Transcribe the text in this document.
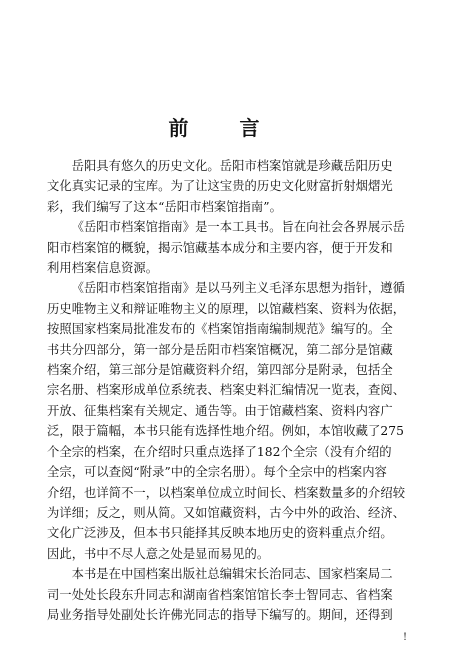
前 言

岳阳具有悠久的历史文化。岳阳市档案馆就是珍藏岳阳历史
文化真实记录的宝库。为了让这宝贵的历史文化财富折射烟熠光
彩，我们编写了这本“岳阳市档案馆指南”。

《岳阳市档案馆指南》是一本工具书。旨在向社会各界展示岳
阳市档案馆的概貌，揭示馆藏基本成分和主要内容，便于开发和
利用档案信息资源。

《岳阳市档案馆指南》是以马列主义毛泽东思想为指针，遵循
历史唯物主义和辩证唯物主义的原理，以馆藏档案、资料为依据，
按照国家档案局批准发布的《档案馆指南编制规范》编写的。全
书共分四部分，第一部分是岳阳市档案馆概况，第二部分是馆藏
档案介绍，第三部分是馆藏资料介绍，第四部分是附录，包括全
宗名册、档案形成单位系统表、档案史料汇编情况一览表，查阅、
开放、征集档案有关规定、通告等。由于馆藏档案、资料内容广
泛，限于篇幅，本书只能有选择性地介绍。例如，本馆收藏了275
个全宗的档案，在介绍时只重点选择了182个全宗（没有介绍的
全宗，可以查阅“附录”中的全宗名册）。每个全宗中的档案内容
介绍，也详简不一，以档案单位成立时间长、档案数量多的介绍较
为详细；反之，则从简。又如馆藏资料，古今中外的政治、经济、
文化广泛涉及，但本书只能择其反映本地历史的资料重点介绍。
因此，书中不尽人意之处是显而易见的。

本书是在中国档案出版社总编辑宋长治同志、国家档案局二
司一处处长段东升同志和湖南省档案馆馆长李士智同志、省档案
局业务指导处副处长许佛光同志的指导下编写的。期间，还得到

!
